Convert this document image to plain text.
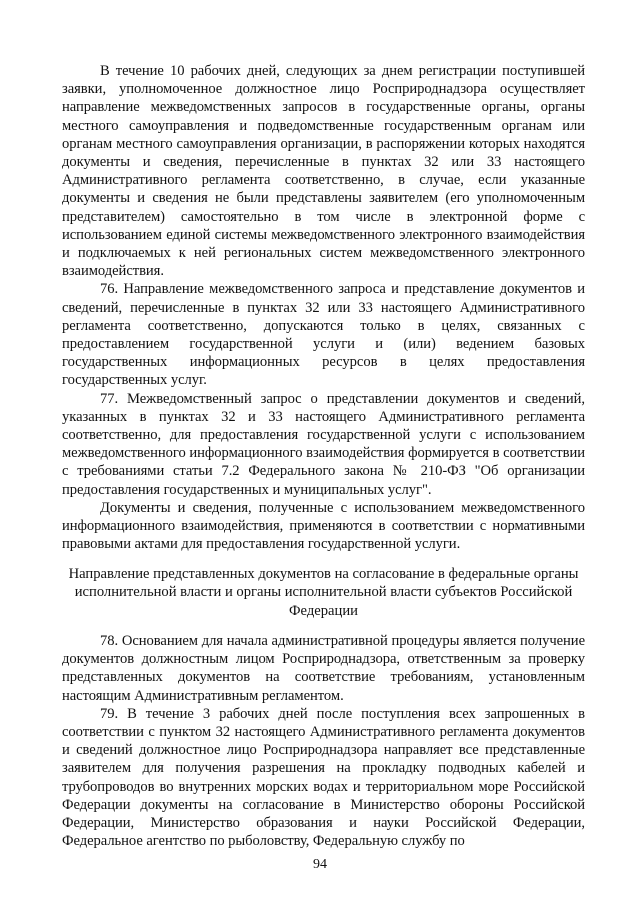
В течение 10 рабочих дней, следующих за днем регистрации поступившей заявки, уполномоченное должностное лицо Росприроднадзора осуществляет направление межведомственных запросов в государственные органы, органы местного самоуправления и подведомственные государственным органам или органам местного самоуправления организации, в распоряжении которых находятся документы и сведения, перечисленные в пунктах 32 или 33 настоящего Административного регламента соответственно, в случае, если указанные документы и сведения не были представлены заявителем (его уполномоченным представителем) самостоятельно в том числе в электронной форме с использованием единой системы межведомственного электронного взаимодействия и подключаемых к ней региональных систем межведомственного электронного взаимодействия.

76. Направление межведомственного запроса и представление документов и сведений, перечисленные в пунктах 32 или 33 настоящего Административного регламента соответственно, допускаются только в целях, связанных с предоставлением государственной услуги и (или) ведением базовых государственных информационных ресурсов в целях предоставления государственных услуг.

77. Межведомственный запрос о представлении документов и сведений, указанных в пунктах 32 и 33 настоящего Административного регламента соответственно, для предоставления государственной услуги с использованием межведомственного информационного взаимодействия формируется в соответствии с требованиями статьи 7.2 Федерального закона № 210-ФЗ "Об организации предоставления государственных и муниципальных услуг".

Документы и сведения, полученные с использованием межведомственного информационного взаимодействия, применяются в соответствии с нормативными правовыми актами для предоставления государственной услуги.

Направление представленных документов на согласование в федеральные органы исполнительной власти и органы исполнительной власти субъектов Российской Федерации

78. Основанием для начала административной процедуры является получение документов должностным лицом Росприроднадзора, ответственным за проверку представленных документов на соответствие требованиям, установленным настоящим Административным регламентом.

79. В течение 3 рабочих дней после поступления всех запрошенных в соответствии с пунктом 32 настоящего Административного регламента документов и сведений должностное лицо Росприроднадзора направляет все представленные заявителем для получения разрешения на прокладку подводных кабелей и трубопроводов во внутренних морских водах и территориальном море Российской Федерации документы на согласование в Министерство обороны Российской Федерации, Министерство образования и науки Российской Федерации, Федеральное агентство по рыболовству, Федеральную службу по

94
